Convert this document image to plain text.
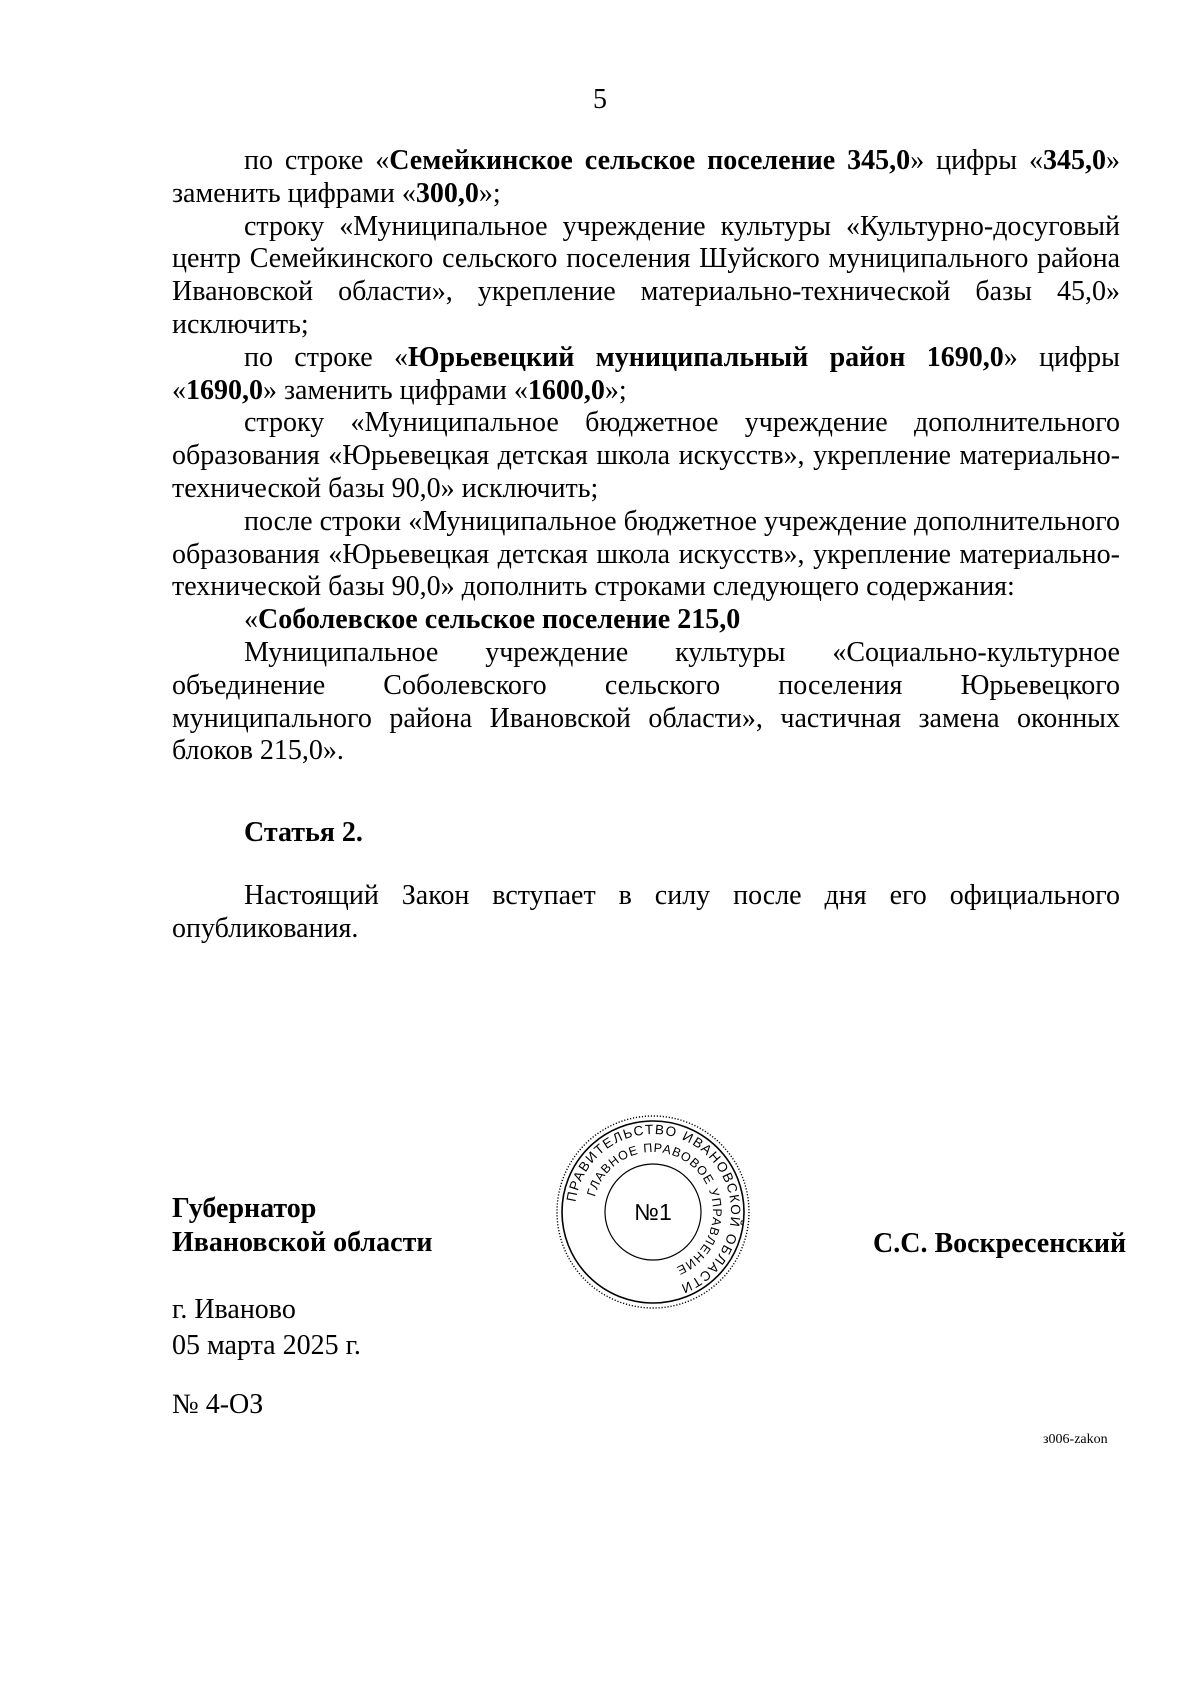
5

по строке «Семейкинское сельское поселение 345,0» цифры «345,0» заменить цифрами «300,0»;

строку «Муниципальное учреждение культуры «Культурно-досуговый центр Семейкинского сельского поселения Шуйского муниципального района Ивановской области», укрепление материально-технической базы 45,0» исключить;

по строке «Юрьевецкий муниципальный район 1690,0» цифры «1690,0» заменить цифрами «1600,0»;

строку «Муниципальное бюджетное учреждение дополнительного образования «Юрьевецкая детская школа искусств», укрепление материально-технической базы 90,0» исключить;

после строки «Муниципальное бюджетное учреждение дополнительного образования «Юрьевецкая детская школа искусств», укрепление материально-технической базы 90,0» дополнить строками следующего содержания:

«Соболевское сельское поселение 215,0

Муниципальное учреждение культуры «Социально-культурное объединение Соболевского сельского поселения Юрьевецкого муниципального района Ивановской области», частичная замена оконных блоков 215,0».

Статья 2.

Настоящий Закон вступает в силу после дня его официального опубликования.

Губернатор
Ивановской области
ПРАВИТЕЛЬСТВО ИВАНОВСКОЙ ОБЛАСТИ
ГЛАВНОЕ ПРАВОВОЕ УПРАВЛЕНИЕ
№1
С.С. Воскресенский
г. Иваново
05 марта 2025 г.
№ 4-ОЗ
з006-zakon
